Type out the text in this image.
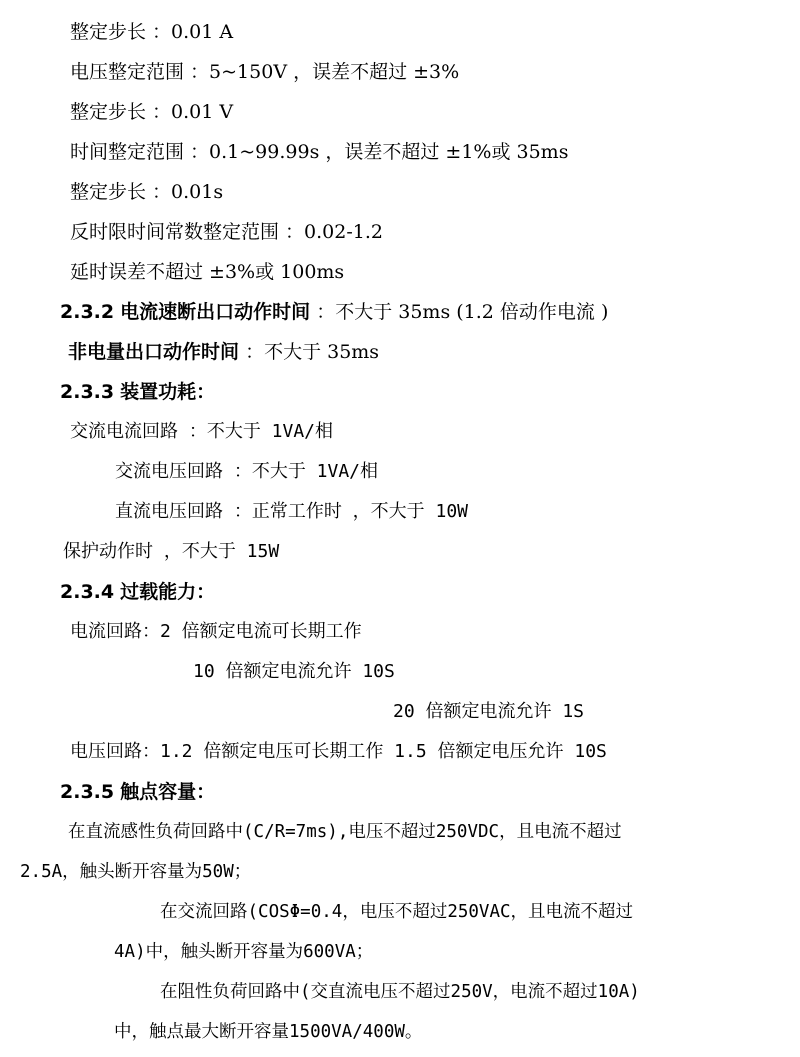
整定步长 ：0.01 A
电压整定范围 ：5~150V ，误差不超过 ±3%
整定步长 ：0.01 V
时间整定范围 ：0.1~99.99s ，误差不超过 ±1%或 35ms
整定步长 ：0.01s
反时限时间常数整定范围 ：0.02-1.2
延时误差不超过 ±3%或 100ms
2.3.2 电流速断出口动作时间 ：不大于 35ms (1.2 倍动作电流 )
非电量出口动作时间 ：不大于 35ms
2.3.3 装置功耗：
交流电流回路 ：不大于 1VA/相
交流电压回路 ：不大于 1VA/相
直流电压回路 ：正常工作时 ，不大于 10W
保护动作时 ，不大于 15W
2.3.4 过载能力：
电流回路：2 倍额定电流可长期工作
10 倍额定电流允许 10S
20 倍额定电流允许 1S
电压回路：1.2 倍额定电压可长期工作 1.5 倍额定电压允许 10S
2.3.5 触点容量：
在直流感性负荷回路中(C/R=7ms),电压不超过250VDC，且电流不超过
2.5A，触头断开容量为50W；
在交流回路(COSΦ=0.4，电压不超过250VAC，且电流不超过
4A)中，触头断开容量为600VA；
在阻性负荷回路中(交直流电压不超过250V，电流不超过10A)
中，触点最大断开容量1500VA/400W。
